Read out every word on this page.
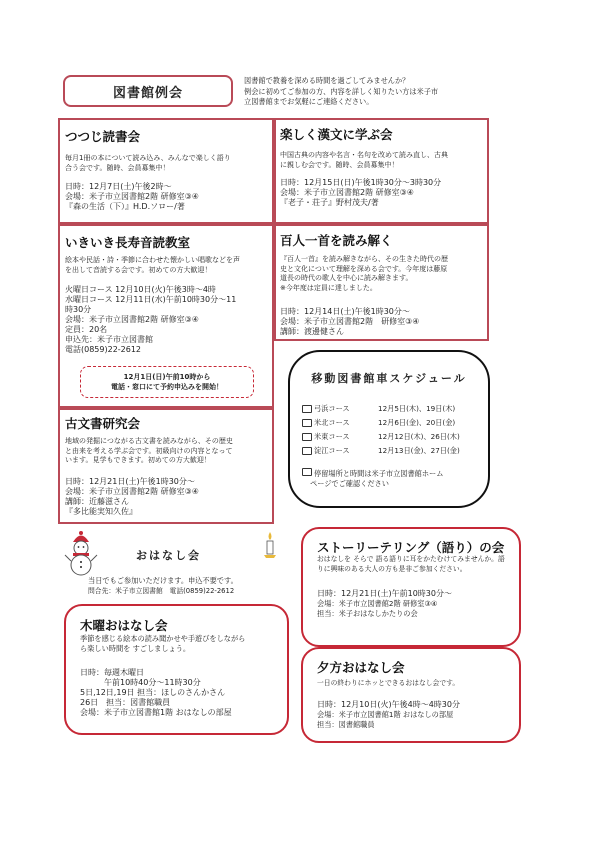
図書館例会
図書館で教養を深める時間を過ごしてみませんか？
例会に初めてご参加の方、内容を詳しく知りたい方は米子市
立図書館までお気軽にご連絡ください。
つつじ読書会
毎月1冊の本について読み込み、みんなで楽しく語り
合う会です。随時、会員募集中！
日時：12月7日(土)午後2時～
会場：米子市立図書館2階 研修室③④
『森の生活（下）』H.D.ソロー/著
楽しく漢文に学ぶ会
中国古典の内容や名言・名句を改めて読み直し、古典
に親しむ会です。随時、会員募集中！
日時：12月15日(日)午後1時30分～3時30分
会場：米子市立図書館2階 研修室③④
『老子・荘子』野村茂夫/著
いきいき長寿音読教室
絵本や民話・詩・季節に合わせた懐かしい唱歌などを声
を出して音読する会です。初めての方大歓迎！
火曜日コース 12月10日(火)午後3時～4時
水曜日コース 12月11日(水)午前10時30分～11
時30分
会場：米子市立図書館2階 研修室③④
定員：20名
申込先：米子市立図書館
電話(0859)22-2612
12月1日(日)午前10時から
電話・窓口にて予約申込みを開始！
百人一首を読み解く
『百人一首』を読み解きながら、その生きた時代の歴
史と文化について理解を深める会です。今年度は藤原
道長の時代の歌人を中心に読み解きます。
※今年度は定員に達しました。
日時：12月14日(土)午後1時30分～
会場：米子市立図書館2階　研修室③④
講師：渡邊健さん
古文書研究会
地域の発掘につながる古文書を読みながら、その歴史
と由来を考える学ぶ会です。初級向けの内容となって
います。見学もできます。初めての方大歓迎！
日時：12月21日(土)午後1時30分～
会場：米子市立図書館2階 研修室③④
講師：近藤滋さん
『多比能実知久佐』
移動図書館車スケジュール
弓浜コース	12月5日(木)、19日(木)
米北コース	12月6日(金)、20日(金)
米東コース	12月12日(木)、26日(木)
淀江コース	12月13日(金)、27日(金)
停留場所と時間は米子市立図書館ホーム
ページでご確認ください
おはなし会
当日でもご参加いただけます。申込不要です。
問合先：米子市立図書館　電話(0859)22-2612
木曜おはなし会
季節を感じる絵本の読み聞かせや手遊びをしながら
ら楽しい時間を すごしましょう。
日時：毎週木曜日
午前10時40分～11時30分
5日,12日,19日 担当：ほしのさんかさん
26日　担当：図書館職員
会場：米子市立図書館1階 おはなしの部屋
ストーリーテリング（語り）の会
おはなしを そらで 語る語りに耳をかたむけてみませんか。語
りに興味のある大人の方も是非ご参加ください。
日時：12月21日(土)午前10時30分～
会場：米子市立図書館2階 研修室③④
担当：米子おはなしかたりの会
夕方おはなし会
一日の終わりにホッとできるおはなし会です。
日時：12月10日(火)午後4時～4時30分
会場：米子市立図書館1階 おはなしの部屋
担当：図書館職員
